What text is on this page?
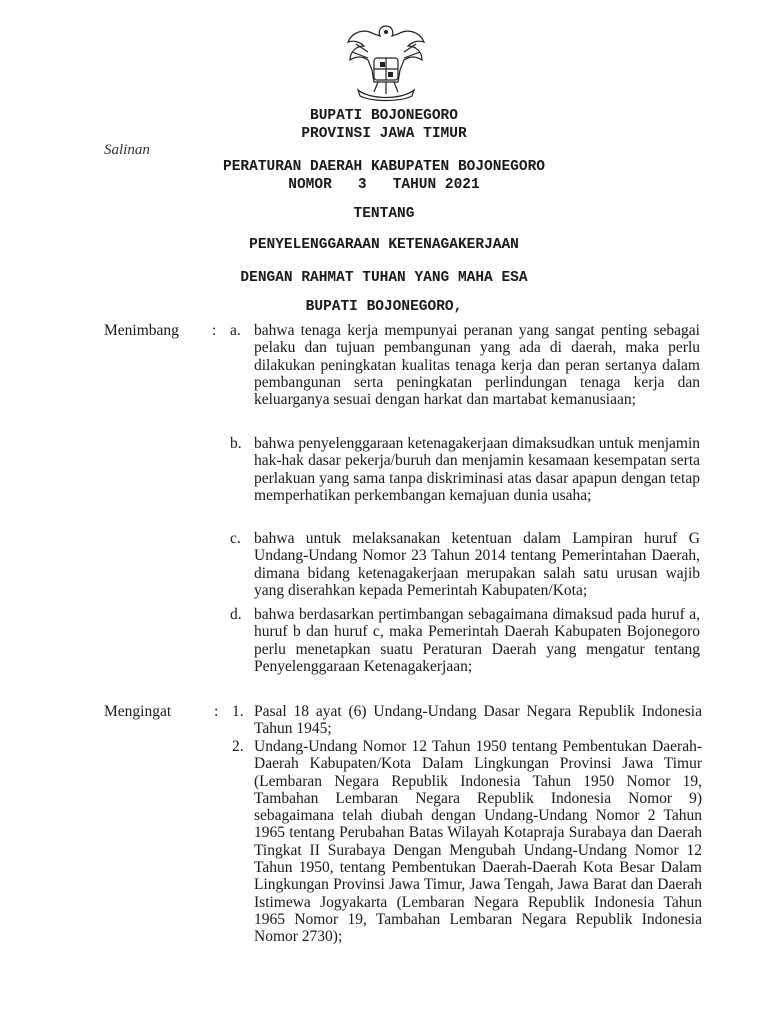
BUPATI BOJONEGORO
PROVINSI JAWA TIMUR
Salinan
PERATURAN DAERAH KABUPATEN BOJONEGORO
NOMOR   3   TAHUN 2021
TENTANG
PENYELENGGARAAN KETENAGAKERJAAN
DENGAN RAHMAT TUHAN YANG MAHA ESA
BUPATI BOJONEGORO,
Menimbang : a. bahwa tenaga kerja mempunyai peranan yang sangat penting sebagai pelaku dan tujuan pembangunan yang ada di daerah, maka perlu dilakukan peningkatan kualitas tenaga kerja dan peran sertanya dalam pembangunan serta peningkatan perlindungan tenaga kerja dan keluarganya sesuai dengan harkat dan martabat kemanusiaan;
b. bahwa penyelenggaraan ketenagakerjaan dimaksudkan untuk menjamin hak-hak dasar pekerja/buruh dan menjamin kesamaan kesempatan serta perlakuan yang sama tanpa diskriminasi atas dasar apapun dengan tetap memperhatikan perkembangan kemajuan dunia usaha;
c. bahwa untuk melaksanakan ketentuan dalam Lampiran huruf G Undang-Undang Nomor 23 Tahun 2014 tentang Pemerintahan Daerah, dimana bidang ketenagakerjaan merupakan salah satu urusan wajib yang diserahkan kepada Pemerintah Kabupaten/Kota;
d. bahwa berdasarkan pertimbangan sebagaimana dimaksud pada huruf a, huruf b dan huruf c, maka Pemerintah Daerah Kabupaten Bojonegoro perlu menetapkan suatu Peraturan Daerah yang mengatur tentang Penyelenggaraan Ketenagakerjaan;
Mengingat	: 1. Pasal 18 ayat (6) Undang-Undang Dasar Negara Republik Indonesia Tahun 1945;
2. Undang-Undang Nomor 12 Tahun 1950 tentang Pembentukan Daerah-Daerah Kabupaten/Kota Dalam Lingkungan Provinsi Jawa Timur (Lembaran Negara Republik Indonesia Tahun 1950 Nomor 19, Tambahan Lembaran Negara Republik Indonesia Nomor 9) sebagaimana telah diubah dengan Undang-Undang Nomor 2 Tahun 1965 tentang Perubahan Batas Wilayah Kotapraja Surabaya dan Daerah Tingkat II Surabaya Dengan Mengubah Undang-Undang Nomor 12 Tahun 1950, tentang Pembentukan Daerah-Daerah Kota Besar Dalam Lingkungan Provinsi Jawa Timur, Jawa Tengah, Jawa Barat dan Daerah Istimewa Jogyakarta (Lembaran Negara Republik Indonesia Tahun 1965 Nomor 19, Tambahan Lembaran Negara Republik Indonesia Nomor 2730);
